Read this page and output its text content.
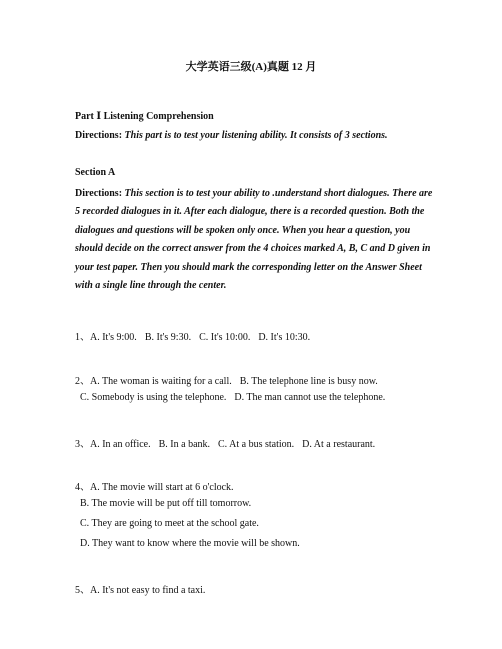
大学英语三级(A)真题 12 月
Part Ⅰ Listening Comprehension
Directions: This part is to test your listening ability. It consists of 3 sections.
Section A
Directions: This section is to test your ability to .understand short dialogues. There are 5 recorded dialogues in it. After each dialogue, there is a recorded question. Both the dialogues and questions will be spoken only once. When you hear a question, you should decide on the correct answer from the 4 choices marked A, B, C and D given in your test paper. Then you should mark the corresponding letter on the Answer Sheet with a single line through the center.
1、A. It's 9:00. B. It's 9:30. C. It's 10:00. D. It's 10:30.
2、A. The woman is waiting for a call. B. The telephone line is busy now.
C. Somebody is using the telephone. D. The man cannot use the telephone.
3、A. In an office. B. In a bank. C. At a bus station. D. At a restaurant.
4、A. The movie will start at 6 o'clock.
B. The movie will be put off till tomorrow.
C. They are going to meet at the school gate.
D. They want to know where the movie will be shown.
5、A. It's not easy to find a taxi.
